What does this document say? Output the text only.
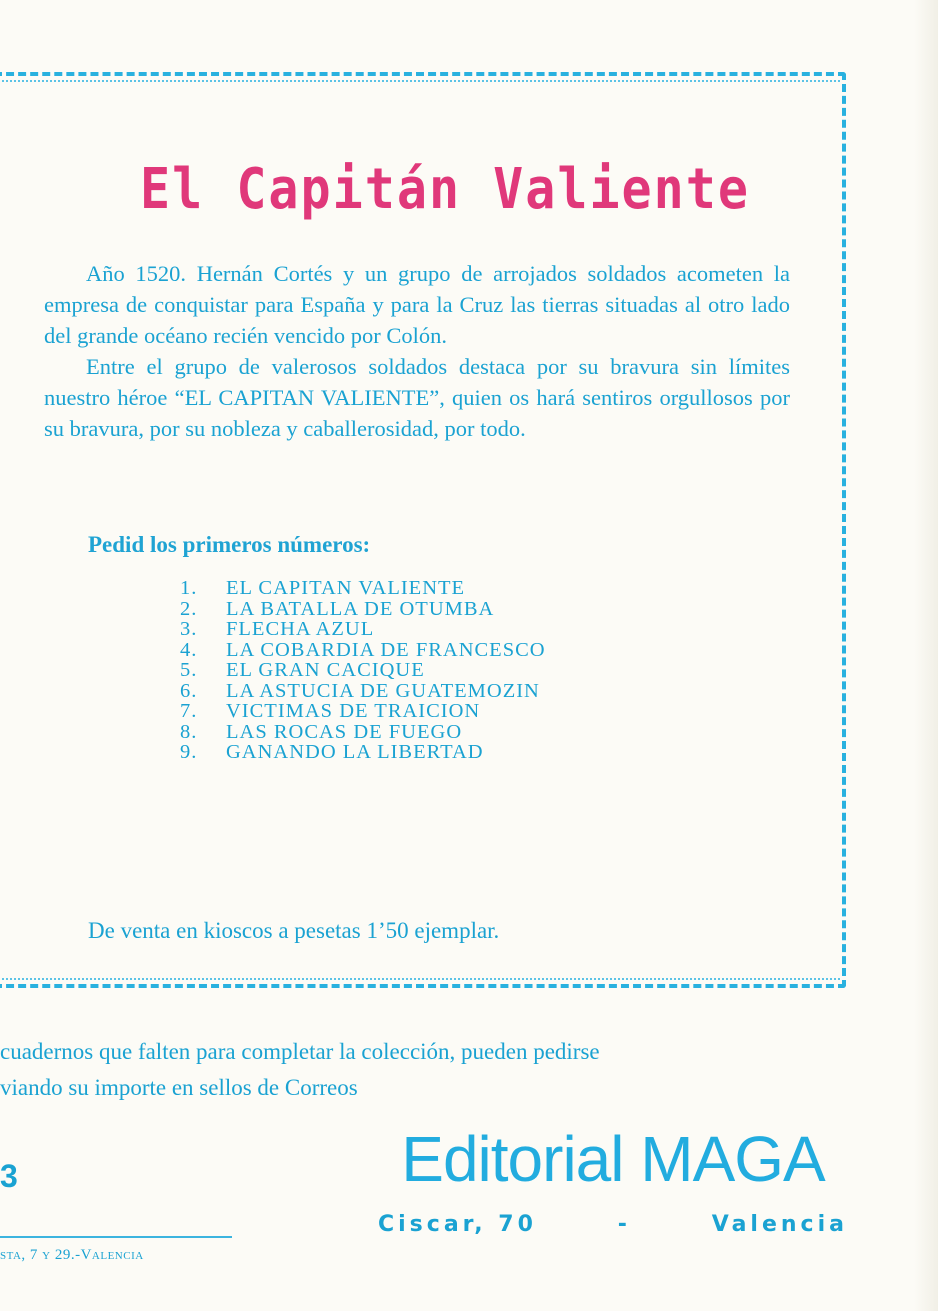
El Capitán Valiente

Año 1520. Hernán Cortés y un grupo de arrojados soldados acometen la empresa de conquistar para España y para la Cruz las tierras situadas al otro lado del grande océano recién vencido por Colón.

Entre el grupo de valerosos soldados destaca por su bravura sin límites nuestro héroe “EL CAPITAN VALIENTE”, quien os hará sentiros orgullosos por su bravura, por su nobleza y caballerosidad, por todo.

Pedid los primeros números:
1.	EL CAPITAN VALIENTE
2.	LA BATALLA DE OTUMBA
3.	FLECHA AZUL
4.	LA COBARDIA DE FRANCESCO
5.	EL GRAN CACIQUE
6.	LA ASTUCIA DE GUATEMOZIN
7.	VICTIMAS DE TRAICION
8.	LAS ROCAS DE FUEGO
9.	GANANDO LA LIBERTAD
De venta en kioscos a pesetas 1’50 ejemplar.
cuadernos que falten para completar la colección, pueden pedirse
viando su importe en sellos de Correos
3
sta, 7 y 29.-Valencia
Editorial MAGA
Ciscar, 70	-	Valencia
